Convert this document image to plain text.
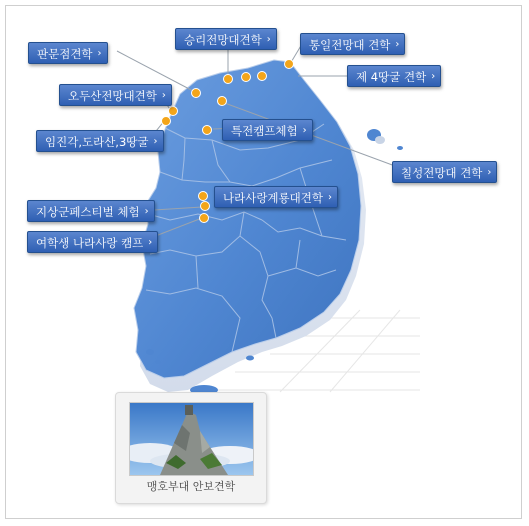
승리전망대견학 ›	통일전망대 견학 ›
판문점견학 ›
제 4땅굴 견학 ›
오두산전망대견학 ›
특전캠프체험 ›
임진각,도라산,3땅굴 ›
칠성전망대 견학 ›
나라사랑계룡대견학 ›
지상군페스티벌 체험 ›
여학생 나라사랑 캠프 ›
맹호부대 안보견학
